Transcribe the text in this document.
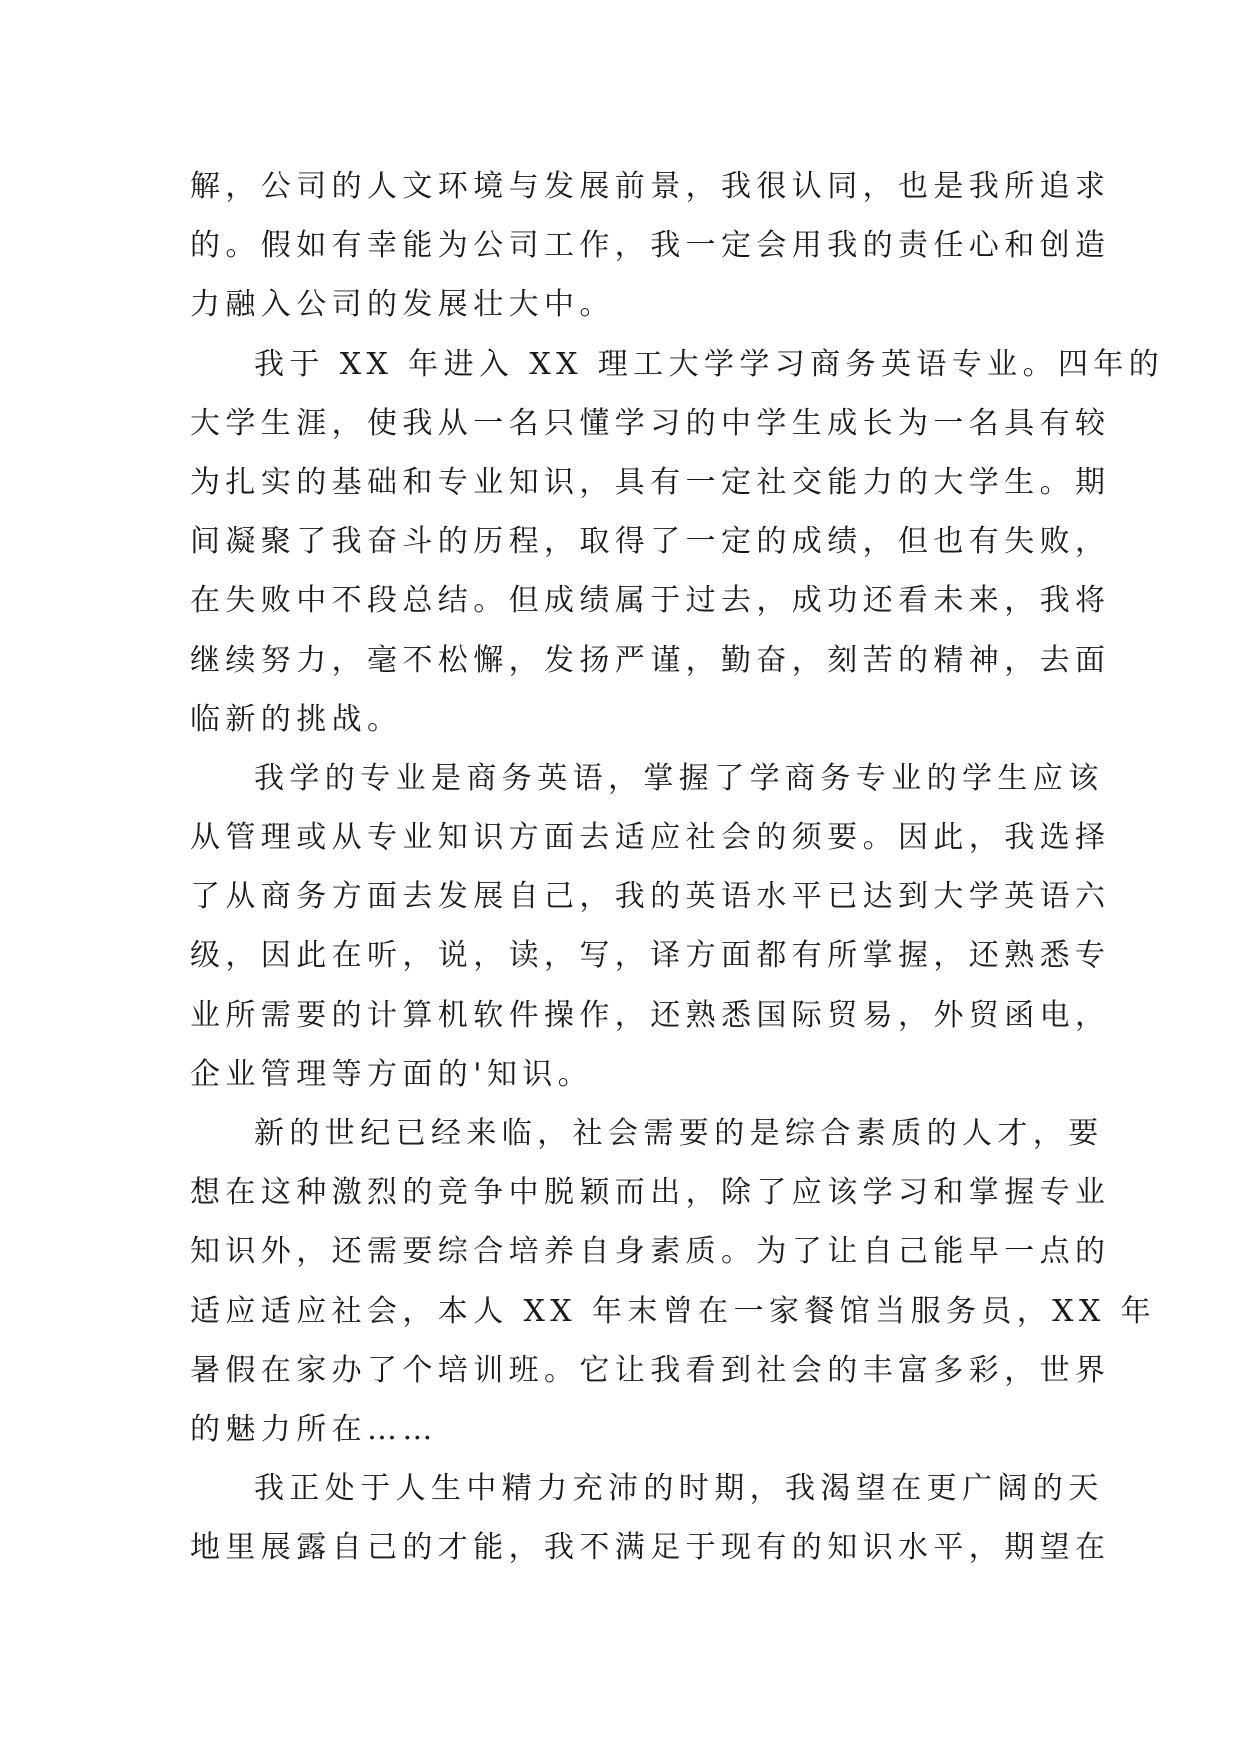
解，公司的人文环境与发展前景，我很认同，也是我所追求
的。假如有幸能为公司工作，我一定会用我的责任心和创造
力融入公司的发展壮大中。
我于 XX 年进入 XX 理工大学学习商务英语专业。四年的
大学生涯，使我从一名只懂学习的中学生成长为一名具有较
为扎实的基础和专业知识，具有一定社交能力的大学生。期
间凝聚了我奋斗的历程，取得了一定的成绩，但也有失败，
在失败中不段总结。但成绩属于过去，成功还看未来，我将
继续努力，毫不松懈，发扬严谨，勤奋，刻苦的精神，去面
临新的挑战。
我学的专业是商务英语，掌握了学商务专业的学生应该
从管理或从专业知识方面去适应社会的须要。因此，我选择
了从商务方面去发展自己，我的英语水平已达到大学英语六
级，因此在听，说，读，写，译方面都有所掌握，还熟悉专
业所需要的计算机软件操作，还熟悉国际贸易，外贸函电，
企业管理等方面的'知识。
新的世纪已经来临，社会需要的是综合素质的人才，要
想在这种激烈的竞争中脱颖而出，除了应该学习和掌握专业
知识外，还需要综合培养自身素质。为了让自己能早一点的
适应适应社会，本人 XX 年末曾在一家餐馆当服务员，XX 年
暑假在家办了个培训班。它让我看到社会的丰富多彩，世界
的魅力所在……
我正处于人生中精力充沛的时期，我渴望在更广阔的天
地里展露自己的才能，我不满足于现有的知识水平，期望在
